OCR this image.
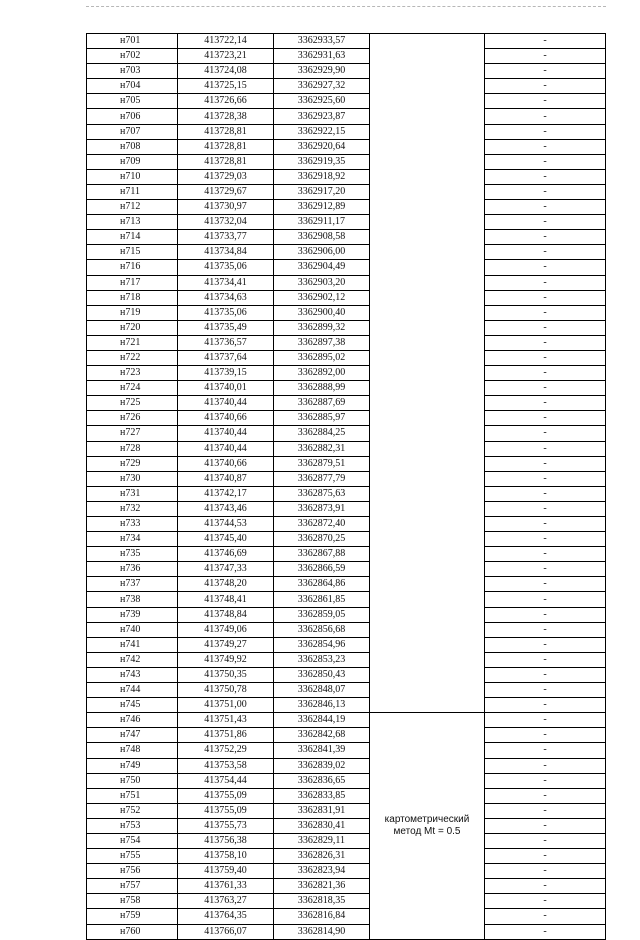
н701	413722,14	3362933,57		-
н702	413723,21	3362931,63		-
н703	413724,08	3362929,90		-
н704	413725,15	3362927,32		-
н705	413726,66	3362925,60		-
н706	413728,38	3362923,87		-
н707	413728,81	3362922,15		-
н708	413728,81	3362920,64		-
н709	413728,81	3362919,35		-
н710	413729,03	3362918,92		-
н711	413729,67	3362917,20		-
н712	413730,97	3362912,89		-
н713	413732,04	3362911,17		-
н714	413733,77	3362908,58		-
н715	413734,84	3362906,00		-
н716	413735,06	3362904,49		-
н717	413734,41	3362903,20		-
н718	413734,63	3362902,12		-
н719	413735,06	3362900,40		-
н720	413735,49	3362899,32		-
н721	413736,57	3362897,38		-
н722	413737,64	3362895,02		-
н723	413739,15	3362892,00		-
н724	413740,01	3362888,99		-
н725	413740,44	3362887,69		-
н726	413740,66	3362885,97		-
н727	413740,44	3362884,25		-
н728	413740,44	3362882,31		-
н729	413740,66	3362879,51		-
н730	413740,87	3362877,79		-
н731	413742,17	3362875,63		-
н732	413743,46	3362873,91		-
н733	413744,53	3362872,40		-
н734	413745,40	3362870,25		-
н735	413746,69	3362867,88		-
н736	413747,33	3362866,59		-
н737	413748,20	3362864,86		-
н738	413748,41	3362861,85		-
н739	413748,84	3362859,05		-
н740	413749,06	3362856,68		-
н741	413749,27	3362854,96		-
н742	413749,92	3362853,23		-
н743	413750,35	3362850,43		-
н744	413750,78	3362848,07		-
н745	413751,00	3362846,13		-
н746	413751,43	3362844,19	картометрический
метод Mt = 0.5	-
н747	413751,86	3362842,68		-
н748	413752,29	3362841,39		-
н749	413753,58	3362839,02		-
н750	413754,44	3362836,65		-
н751	413755,09	3362833,85		-
н752	413755,09	3362831,91		-
н753	413755,73	3362830,41		-
н754	413756,38	3362829,11		-
н755	413758,10	3362826,31		-
н756	413759,40	3362823,94		-
н757	413761,33	3362821,36		-
н758	413763,27	3362818,35		-
н759	413764,35	3362816,84		-
н760	413766,07	3362814,90		-
